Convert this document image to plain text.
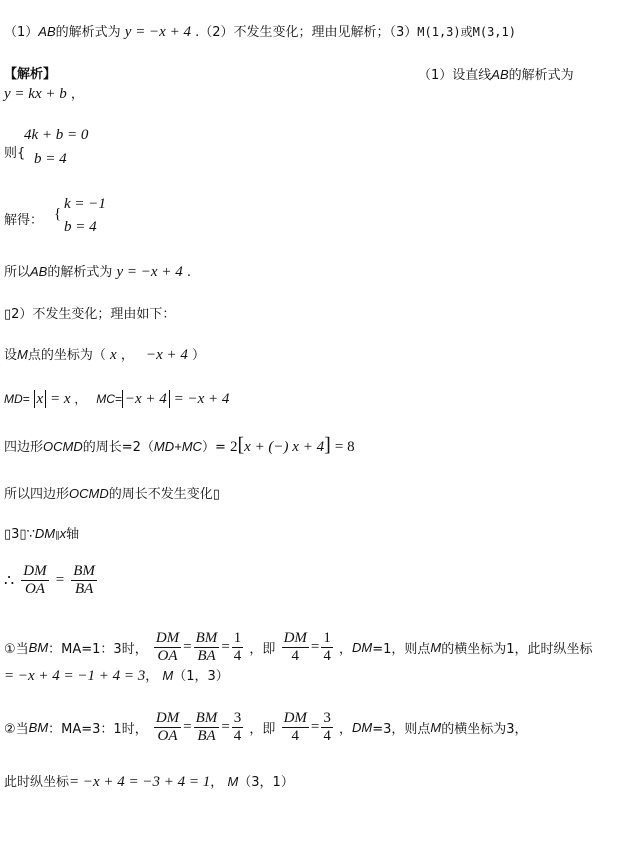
（1）AB的解析式为 y = −x + 4 .（2）不发生变化；理由见解析；（3）M(1,3)或M(3,1)
【解析】	（1）设直线AB的解析式为
y = kx + b ，
则{
4k + b = 0
b = 4
解得： {
k = −1
b = 4
所以AB的解析式为 y = −x + 4 .
▯2）不发生变化；理由如下：
设M点的坐标为（ x ， −x + 4 ）
MD= x = x ， MC= −x + 4 = −x + 4
四边形OCMD的周长=2（MD+MC）= 2[x + (−) x + 4] = 8
所以四边形OCMD的周长不发生变化▯
▯3▯∵DM∥x轴
∴ $\frac{DM}{OA} = \frac{BM}{BA}$
①当BM：MA=1：3时， $\frac{DM}{OA} = \frac{BM}{BA} = \frac{1}{4}$ ，即 $\frac{DM}{4} = \frac{1}{4}$ ，DM=1，则点M的横坐标为1，此时纵坐标
= −x + 4 = −1 + 4 = 3， M（1，3）
②当BM：MA=3：1时， $\frac{DM}{OA} = \frac{BM}{BA} = \frac{3}{4}$ ，即 $\frac{DM}{4} = \frac{3}{4}$ ，DM=3，则点M的横坐标为3，
此时纵坐标= −x + 4 = −3 + 4 = 1， M（3，1）
